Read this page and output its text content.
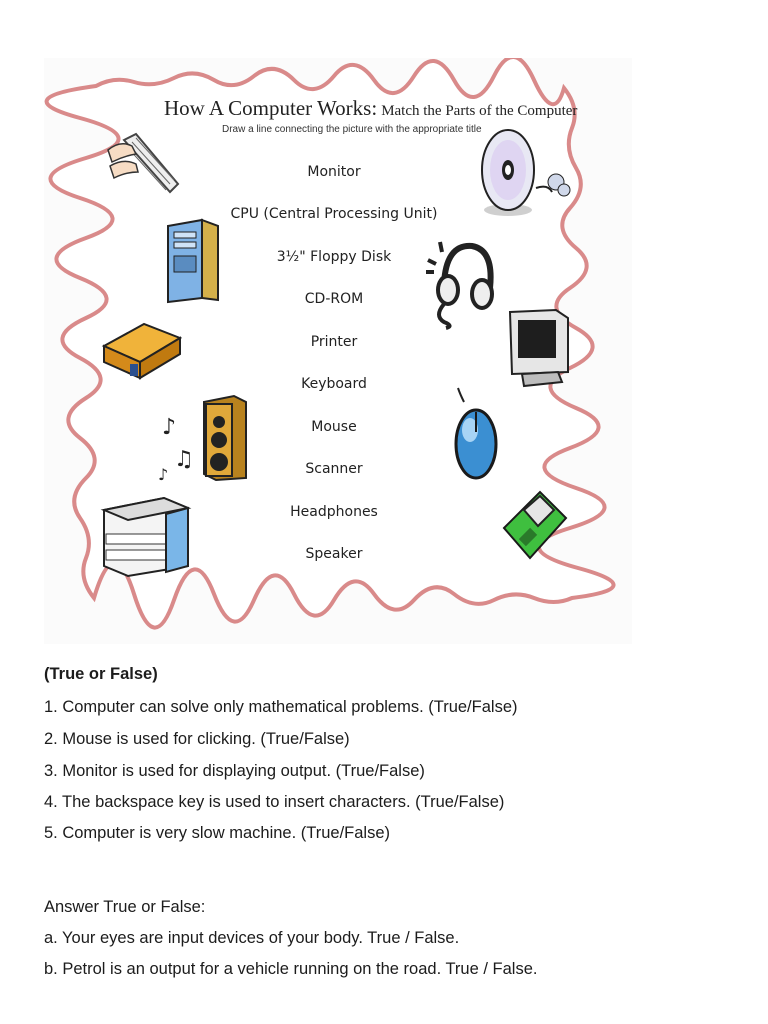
How A Computer Works: Match the Parts of the Computer
Draw a line connecting the picture with the appropriate title
Monitor
CPU (Central Processing Unit)
3½" Floppy Disk
CD-ROM
Printer
Keyboard
Mouse
Scanner
Headphones
Speaker
♪
♫
♪
(True or False)
1. Computer can solve only mathematical problems. (True/False)
2. Mouse is used for clicking. (True/False)
3. Monitor is used for displaying output. (True/False)
4. The backspace key is used to insert characters. (True/False)
5. Computer is very slow machine. (True/False)
Answer True or False:
a. Your eyes are input devices of your body. True / False.
b. Petrol is an output for a vehicle running on the road. True / False.
